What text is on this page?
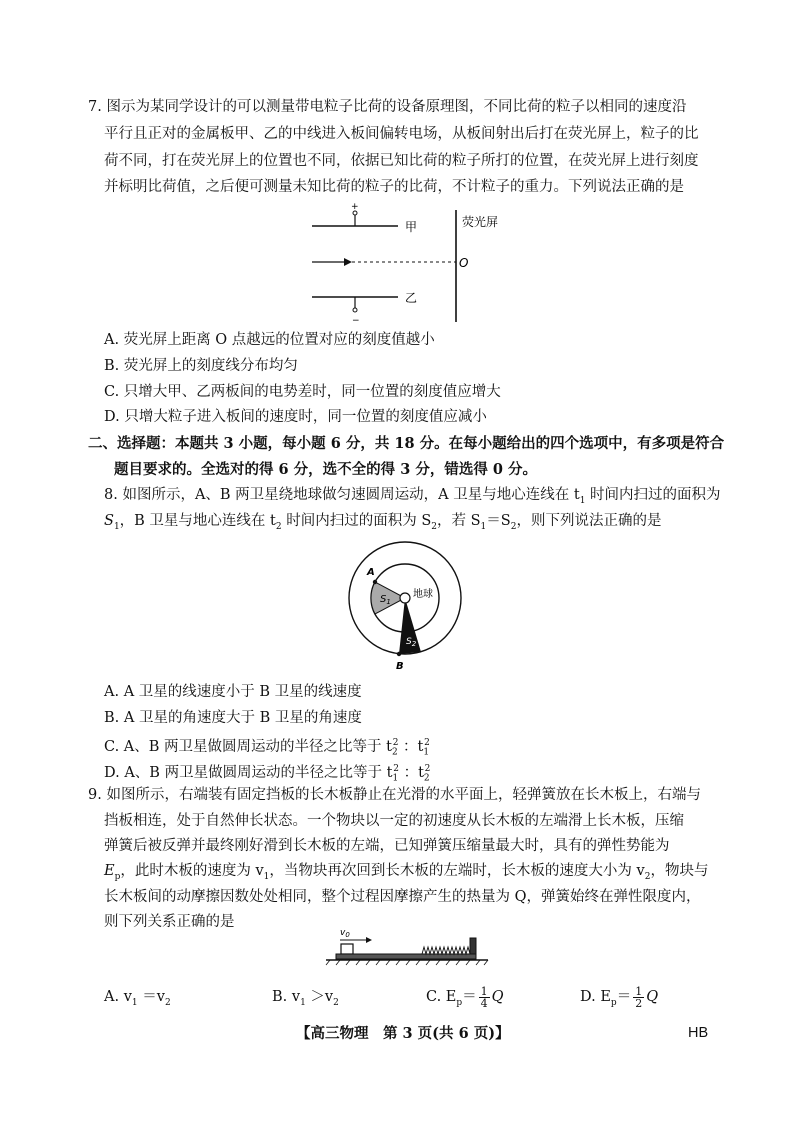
7. 图示为某同学设计的可以测量带电粒子比荷的设备原理图，不同比荷的粒子以相同的速度沿
平行且正对的金属板甲、乙的中线进入板间偏转电场，从板间射出后打在荧光屏上，粒子的比
荷不同，打在荧光屏上的位置也不同，依据已知比荷的粒子所打的位置，在荧光屏上进行刻度
并标明比荷值，之后便可测量未知比荷的粒子的比荷，不计粒子的重力。下列说法正确的是
+
甲
乙
−
荧光屏
O
A. 荧光屏上距离 O 点越远的位置对应的刻度值越小
B. 荧光屏上的刻度线分布均匀
C. 只增大甲、乙两板间的电势差时，同一位置的刻度值应增大
D. 只增大粒子进入板间的速度时，同一位置的刻度值应减小
二、选择题：本题共 3 小题，每小题 6 分，共 18 分。在每小题给出的四个选项中，有多项是符合
题目要求的。全选对的得 6 分，选不全的得 3 分，错选得 0 分。
8. 如图所示，A、B 两卫星绕地球做匀速圆周运动，A 卫星与地心连线在 $t_1$ 时间内扫过的面积为
$S_1$，B 卫星与地心连线在 $t_2$ 时间内扫过的面积为 $S_2$，若 $S_1=S_2$，则下列说法正确的是
A
B
$S_1$
$S_2$
地球
A. A 卫星的线速度小于 B 卫星的线速度
B. A 卫星的角速度大于 B 卫星的角速度
C. A、B 两卫星做圆周运动的半径之比等于 $t_2^2$ ：$t_1^2$
D. A、B 两卫星做圆周运动的半径之比等于 $t_1^2$ ：$t_2^2$
9. 如图所示，右端装有固定挡板的长木板静止在光滑的水平面上，轻弹簧放在长木板上，右端与
挡板相连，处于自然伸长状态。一个物块以一定的初速度从长木板的左端滑上长木板，压缩
弹簧后被反弹并最终刚好滑到长木板的左端，已知弹簧压缩量最大时，具有的弹性势能为
$E_p$，此时木板的速度为 $v_1$，当物块再次回到长木板的左端时，长木板的速度大小为 $v_2$，物块与
长木板间的动摩擦因数处处相同，整个过程因摩擦产生的热量为 Q，弹簧始终在弹性限度内，
则下列关系正确的是
$v_0$
A. $v_1 =v_2$	B. $v_1 >v_2$	C. $E_p= \frac{1}{4}$ Q	D. $E_p= \frac{1}{2}$ Q
【高三物理　第 3 页(共 6 页)】	HB
